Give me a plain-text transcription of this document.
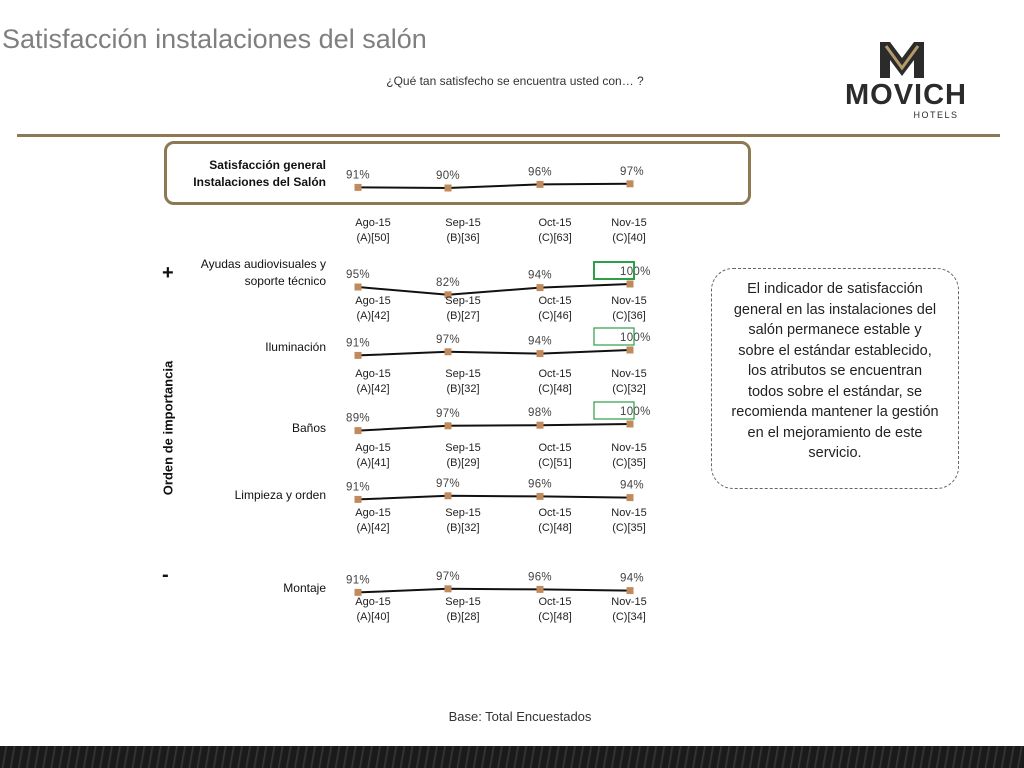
Satisfacción instalaciones del salón
¿Qué tan satisfecho se encuentra usted con… ?	MOVICH
HOTELS
Orden de importancia
+
-
Satisfacción general
Instalaciones del Salón 91%
Ago-15
(A)[50]
90%
Sep-15
(B)[36]
96%
Oct-15
(C)[63]
97%
Nov-15
(C)[40]
Ayudas audiovisuales y
soporte técnico 95%
Ago-15
(A)[42]
82%
Sep-15
(B)[27]
94%
Oct-15
(C)[46]
100%
Nov-15
(C)[36]
Iluminación 91%
Ago-15
(A)[42]
97%
Sep-15
(B)[32]
94%
Oct-15
(C)[48]
100%
Nov-15
(C)[32]
Baños
89%
Ago-15
(A)[41]
97%
Sep-15
(B)[29]
98%
Oct-15
(C)[51]
100%
Nov-15
(C)[35]
Limpieza y orden
91%
Ago-15
(A)[42]
97%
Sep-15
(B)[32]
96%
Oct-15
(C)[48]
94%
Nov-15
(C)[35]
Montaje
91%
Ago-15
(A)[40]
97%
Sep-15
(B)[28]
96%
Oct-15
(C)[48]
94%
Nov-15
(C)[34]
El indicador de satisfacción general en las instalaciones del salón permanece estable y sobre el estándar establecido, los atributos se encuentran todos sobre el estándar, se recomienda mantener la gestión en el mejoramiento de este servicio.
Base: Total Encuestados
